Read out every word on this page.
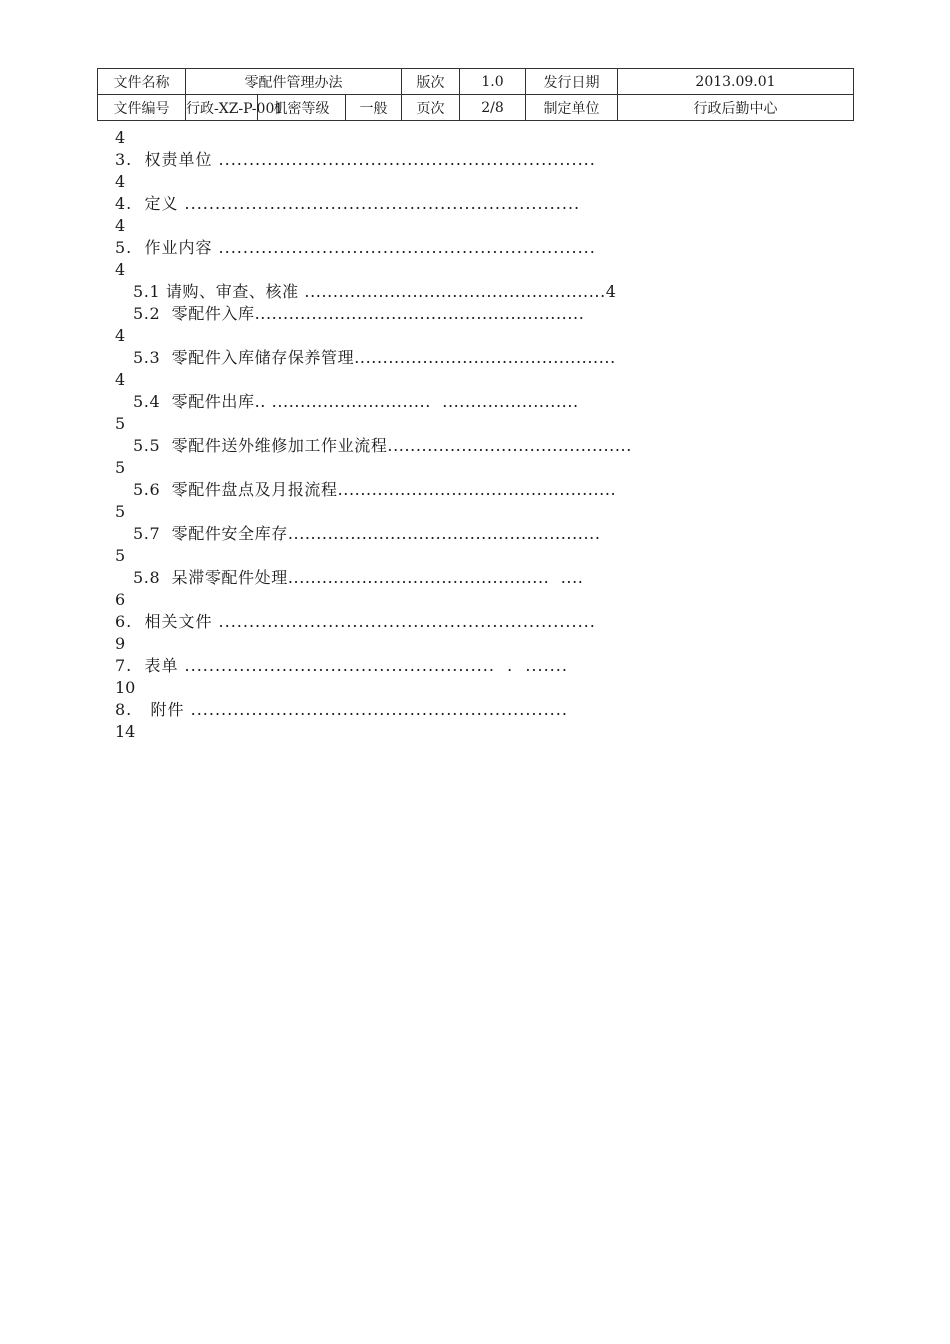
文件名称	零配件管理办法			版次	1.0	发行日期	2013.09.01
文件编号	行政-XZ-P-001	机密等级	一般	页次	2/8	制定单位	行政后勤中心
4
3.  权责单位 ..............................................................
4
4.  定义 .................................................................
4
5.  作业内容 ..............................................................
4
5.1 请购、审查、核准 .....................................................4
5.2  零配件入库..........................................................
4
5.3  零配件入库储存保养管理..............................................
4
5.4  零配件出库.. ............................  ........................
5
5.5  零配件送外维修加工作业流程...........................................
5
5.6  零配件盘点及月报流程.................................................
5
5.7  零配件安全库存.......................................................
5
5.8  呆滞零配件处理..............................................  ....
6
6.  相关文件 ..............................................................
9
7.  表单 ...................................................  .  .......
10
8.   附件 ..............................................................
14
